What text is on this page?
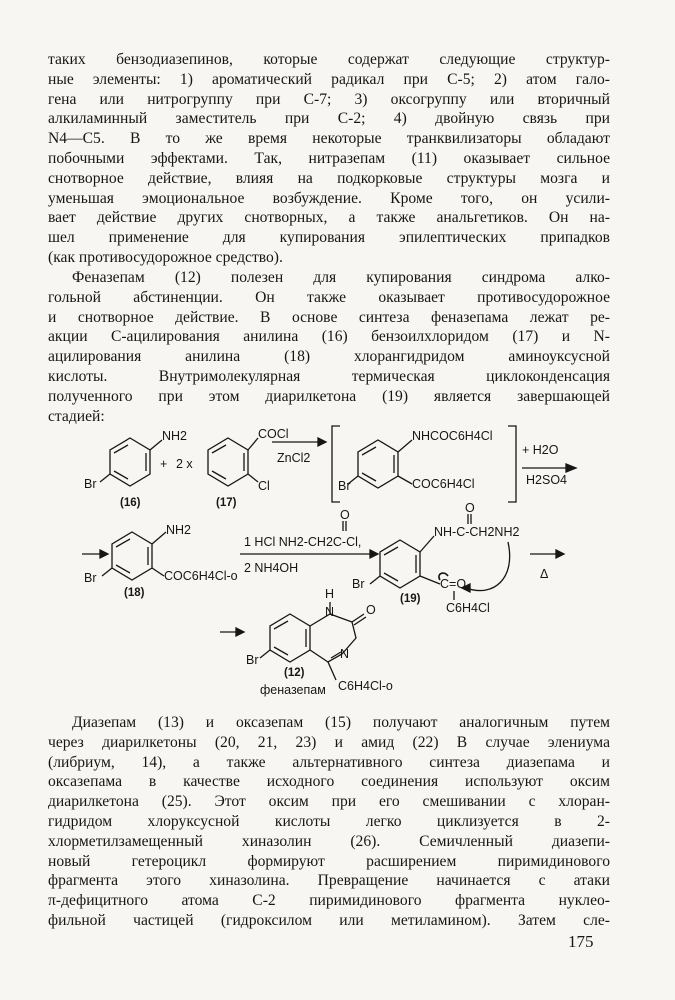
таких бензодиазепинов, которые содержат следующие структур-
ные элементы: 1) ароматический радикал при С-5; 2) атом галo-
гена или нитрогруппу при С-7; 3) оксогруппу или вторичный
алкиламинный заместитель при С-2; 4) двойную связь при
N4—C5. В то же время некоторые транквилизаторы обладают
побочными эффектами. Так, нитразепам (11) оказывает сильное
снотворное действие, влияя на подкорковые структуры мозга и
уменьшая эмоциональное возбуждение. Кроме того, он усили-
вает действие других снотворных, а также анальгетиков. Он на-
шел применение для купирования эпилептических припадков
(как противосудорожное средство).
Феназепам (12) полезен для купирования синдрома алко-
гольной абстиненции. Он также оказывает противосудорожное
и снотворное действие. В основе синтеза феназепама лежат ре-
акции С-ацилирования анилина (16) бензоилхлоридом (17) и N-
ацилирования анилина (18) хлорангидридом аминоуксусной
кислоты. Внутримолекулярная термическая циклоконденсация
полученного при этом диарилкетона (19) является завершающей
стадией:
NH2
Br
(16)
+ 2 x
COCl
Cl
(17)
ZnCl2
NHCOC6H4Cl
Br	COC6H4Cl
+ H2O
H2SO4
NH2
Br	COC6H4Cl-o
(18)
O
1 HCl NH2-CH2C-Cl,
2 NH4OH
O
NH-C-CH2NH2
Br
(19)
C=O
C6H4Cl
Δ
H
N	O
Br	N
(12)
феназепам C6H4Cl-o
Диазепам (13) и оксазепам (15) получают аналогичным путем
через диарилкетоны (20, 21, 23) и амид (22) В случае элениума
(либриум, 14), а также альтернативного синтеза диазепама и
оксазепама в качестве исходного соединения используют оксим
диарилкетона (25). Этот оксим при его смешивании с хлоран-
гидридом хлоруксусной кислоты легко циклизуется в 2-
хлорметилзамещенный хиназолин (26). Семичленный диазепи-
новый гетероцикл формируют расширением пиримидинового
фрагмента этого хиназолина. Превращение начинается с атаки
π-дефицитного атома С-2 пиримидинового фрагмента нуклео-
фильной частицей (гидроксилом или метиламином). Затем сле-
175
